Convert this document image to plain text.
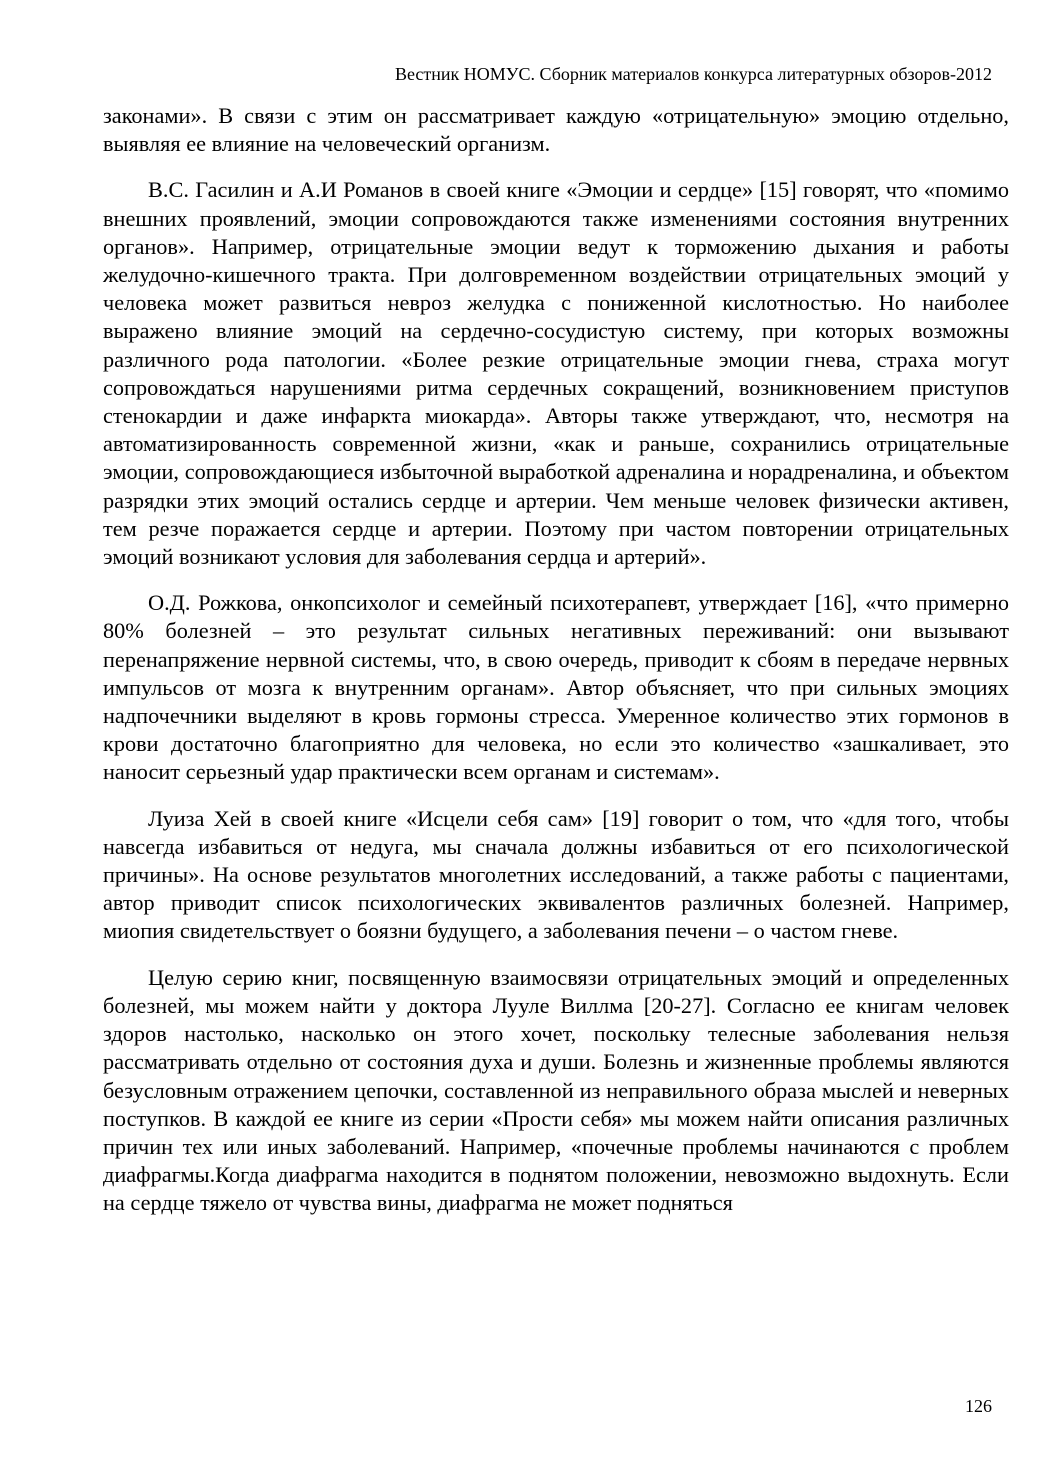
Вестник НОМУС. Сборник материалов конкурса литературных обзоров-2012

законами». В связи с этим он рассматривает каждую «отрицательную» эмоцию отдельно, выявляя ее влияние на человеческий организм.

В.С. Гасилин и А.И Романов в своей книге «Эмоции и сердце» [15] говорят, что «помимо внешних проявлений, эмоции сопровождаются также изменениями состояния внутренних органов». Например, отрицательные эмоции ведут к торможению дыхания и работы желудочно-кишечного тракта. При долговременном воздействии отрицательных эмоций у человека может развиться невроз желудка с пониженной кислотностью. Но наиболее выражено влияние эмоций на сердечно-сосудистую систему, при которых возможны различного рода патологии. «Более резкие отрицательные эмоции гнева, страха могут сопровождаться нарушениями ритма сердечных сокращений, возникновением приступов стенокардии и даже инфаркта миокарда». Авторы также утверждают, что, несмотря на автоматизированность современной жизни, «как и раньше, сохранились отрицательные эмоции, сопровождающиеся избыточной выработкой адреналина и норадреналина, и объектом разрядки этих эмоций остались сердце и артерии. Чем меньше человек физически активен, тем резче поражается сердце и артерии. Поэтому при частом повторении отрицательных эмоций возникают условия для заболевания сердца и артерий».

О.Д. Рожкова, онкопсихолог и семейный психотерапевт, утверждает [16], «что примерно 80% болезней – это результат сильных негативных переживаний: они вызывают перенапряжение нервной системы, что, в свою очередь, приводит к сбоям в передаче нервных импульсов от мозга к внутренним органам». Автор объясняет, что при сильных эмоциях надпочечники выделяют в кровь гормоны стресса. Умеренное количество этих гормонов в крови достаточно благоприятно для человека, но если это количество «зашкаливает, это наносит серьезный удар практически всем органам и системам».

Луиза Хей в своей книге «Исцели себя сам» [19] говорит о том, что «для того, чтобы навсегда избавиться от недуга, мы сначала должны избавиться от его психологической причины». На основе результатов многолетних исследований, а также работы с пациентами, автор приводит список психологических эквивалентов различных болезней. Например, миопия свидетельствует о боязни будущего, а заболевания печени – о частом гневе.

Целую серию книг, посвященную взаимосвязи отрицательных эмоций и определенных болезней, мы можем найти у доктора Лууле Виллма [20-27]. Согласно ее книгам человек здоров настолько, насколько он этого хочет, поскольку телесные заболевания нельзя рассматривать отдельно от состояния духа и души. Болезнь и жизненные проблемы являются безусловным отражением цепочки, составленной из неправильного образа мыслей и неверных поступков. В каждой ее книге из серии «Прости себя» мы можем найти описания различных причин тех или иных заболеваний. Например, «почечные проблемы начинаются с проблем диафрагмы.Когда диафрагма находится в поднятом положении, невозможно выдохнуть. Если на сердце тяжело от чувства вины, диафрагма не может подняться

126
